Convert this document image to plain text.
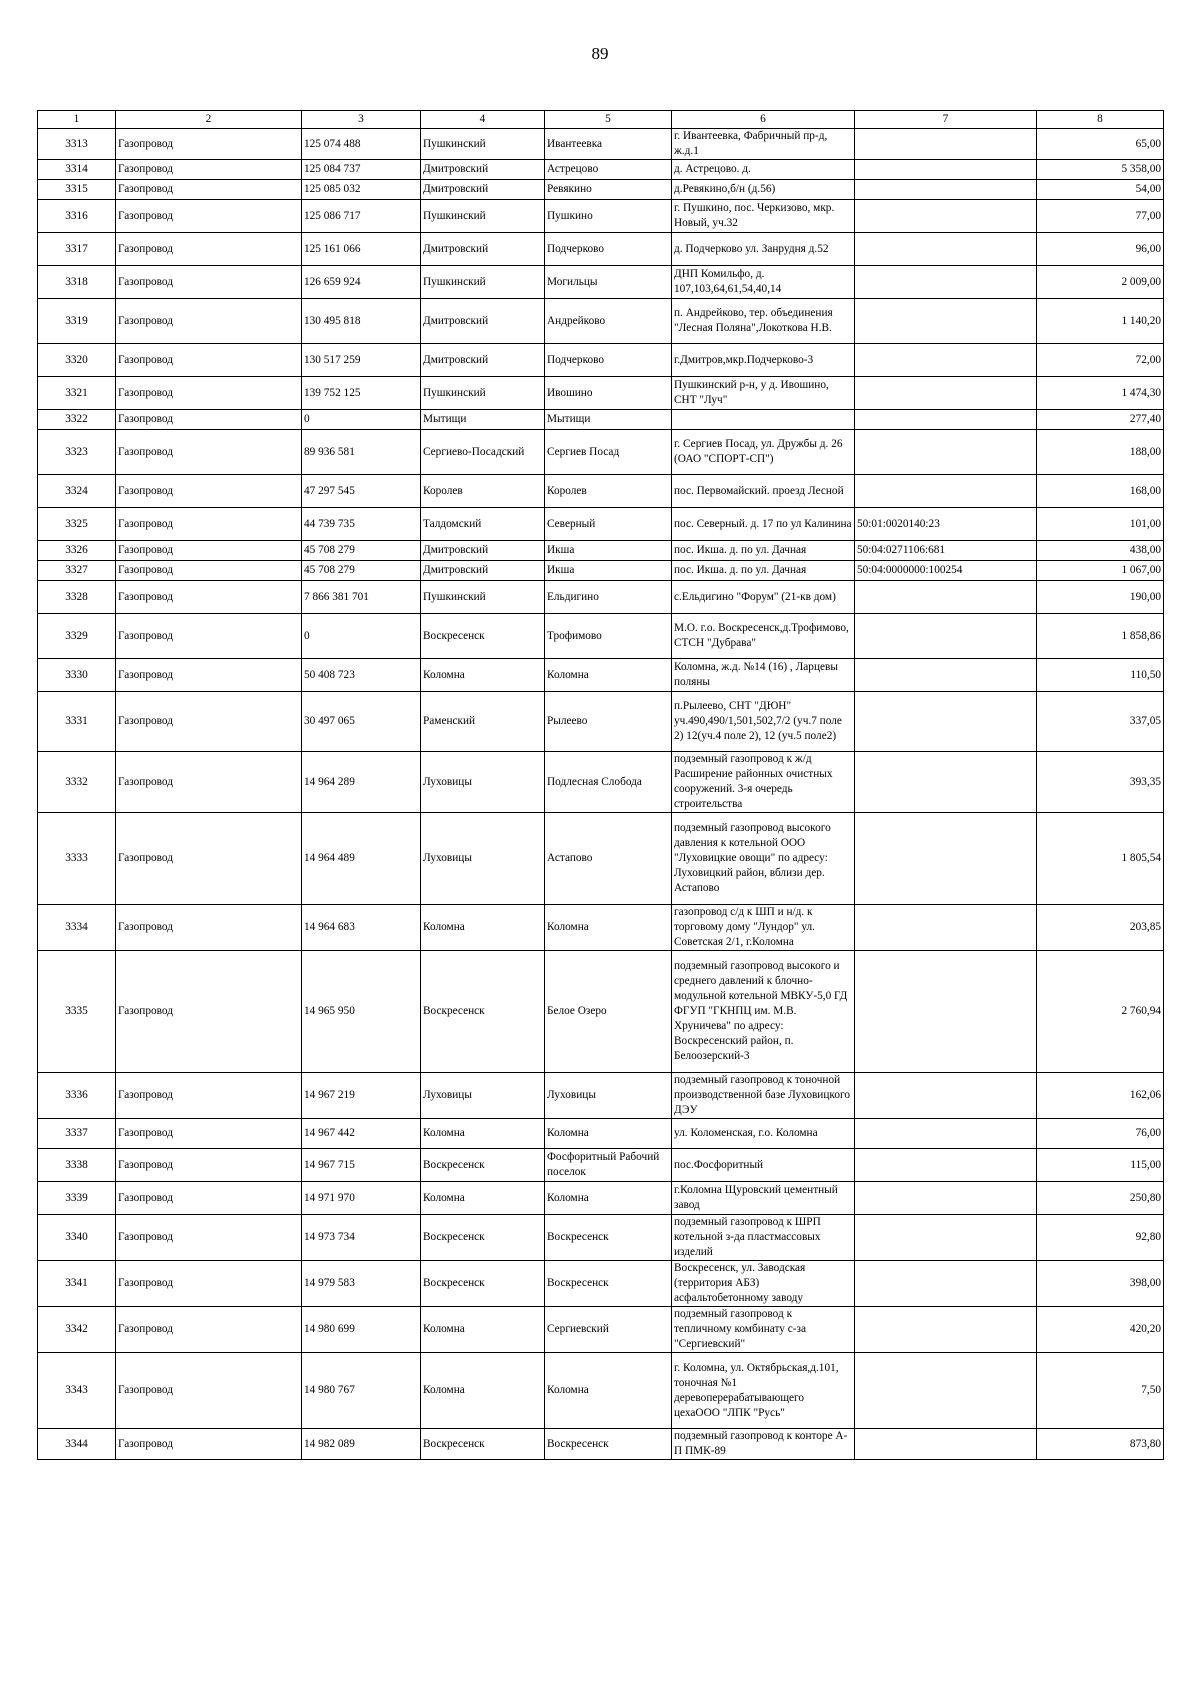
89
1	2	3	4	5	6	7	8
3313	Газопровод	125 074 488	Пушкинский	Ивантеевка	г. Ивантеевка, Фабричный пр-д, ж.д.1		65,00
3314	Газопровод	125 084 737	Дмитровский	Астрецово	д. Астрецово. д.		5 358,00
3315	Газопровод	125 085 032	Дмитровский	Ревякино	д.Ревякино,б/н (д.56)		54,00
3316	Газопровод	125 086 717	Пушкинский	Пушкино	г. Пушкино, пос. Черкизово, мкр. Новый, уч.32		77,00
3317	Газопровод	125 161 066	Дмитровский	Подчерково	д. Подчерково ул. Занрудня д.52		96,00
3318	Газопровод	126 659 924	Пушкинский	Могильцы	ДНП Комильфо, д. 107,103,64,61,54,40,14		2 009,00
3319	Газопровод	130 495 818	Дмитровский	Андрейково	п. Андрейково, тер. объединения "Лесная Поляна",Локоткова Н.В.		1 140,20
3320	Газопровод	130 517 259	Дмитровский	Подчерково	г.Дмитров,мкр.Подчерково-3		72,00
3321	Газопровод	139 752 125	Пушкинский	Ивошино	Пушкинский р-н, у д. Ивошино, СНТ "Луч"		1 474,30
3322	Газопровод	0	Мытищи	Мытищи			277,40
3323	Газопровод	89 936 581	Сергиево-Посадский	Сергиев Посад	г. Сергиев Посад, ул. Дружбы д. 26 (ОАО "СПОРТ-СП")		188,00
3324	Газопровод	47 297 545	Королев	Королев	пос. Первомайский. проезд Лесной		168,00
3325	Газопровод	44 739 735	Талдомский	Северный	пос. Северный. д. 17 по ул Калинина	50:01:0020140:23	101,00
3326	Газопровод	45 708 279	Дмитровский	Икша	пос. Икша. д. по ул. Дачная	50:04:0271106:681	438,00
3327	Газопровод	45 708 279	Дмитровский	Икша	пос. Икша. д. по ул. Дачная	50:04:0000000:100254	1 067,00
3328	Газопровод	7 866 381 701	Пушкинский	Ельдигино	с.Ельдигино "Форум" (21-кв дом)		190,00
3329	Газопровод	0	Воскресенск	Трофимово	М.О. г.о. Воскресенск,д.Трофимово, СТСН "Дубрава"		1 858,86
3330	Газопровод	50 408 723	Коломна	Коломна	Коломна, ж.д. №14 (16) , Ларцевы поляны		110,50
3331	Газопровод	30 497 065	Раменский	Рылеево	п.Рылеево, СНТ "ДЮН" уч.490,490/1,501,502,7/2 (уч.7 поле 2) 12(уч.4 поле 2), 12 (уч.5 поле2)		337,05
3332	Газопровод	14 964 289	Луховицы	Подлесная Слобода	подземный газопровод к ж/д Расширение районных очистных сооружений. 3-я очередь строительства		393,35
3333	Газопровод	14 964 489	Луховицы	Астапово	подземный газопровод высокого давления к котельной ООО "Луховицкие овощи" по адресу: Луховицкий район, вблизи дер. Астапово		1 805,54
3334	Газопровод	14 964 683	Коломна	Коломна	газопровод с/д к ШП и н/д. к торговому дому "Лундор" ул. Советская 2/1, г.Коломна		203,85
3335	Газопровод	14 965 950	Воскресенск	Белое Озеро	подземный газопровод высокого и среднего давлений к блочно-модульной котельной МВКУ-5,0 ГД ФГУП "ГКНПЦ им. М.В. Хруничева" по адресу: Воскресенский район, п. Белоозерский-3		2 760,94
3336	Газопровод	14 967 219	Луховицы	Луховицы	подземный газопровод к тоночной производственной базе Луховицкого ДЭУ		162,06
3337	Газопровод	14 967 442	Коломна	Коломна	ул. Коломенская, г.о. Коломна		76,00
3338	Газопровод	14 967 715	Воскресенск	Фосфоритный Рабочий поселок	пос.Фосфоритный		115,00
3339	Газопровод	14 971 970	Коломна	Коломна	г.Коломна Щуровский цементный завод		250,80
3340	Газопровод	14 973 734	Воскресенск	Воскресенск	подземный газопровод к ШРП котельной з-да пластмассовых изделий		92,80
3341	Газопровод	14 979 583	Воскресенск	Воскресенск	Воскресенск, ул. Заводская (территория АБЗ) асфальтобетонному заводу		398,00
3342	Газопровод	14 980 699	Коломна	Сергиевский	подземный газопровод к тепличному комбинату с-за "Сергиевский"		420,20
3343	Газопровод	14 980 767	Коломна	Коломна	г. Коломна, ул. Октябрьская,д.101, тоночная №1 деревоперерабатывающего цехаООО "ЛПК "Русь"		7,50
3344	Газопровод	14 982 089	Воскресенск	Воскресенск	подземный газопровод к конторе А-П ПМК-89		873,80
